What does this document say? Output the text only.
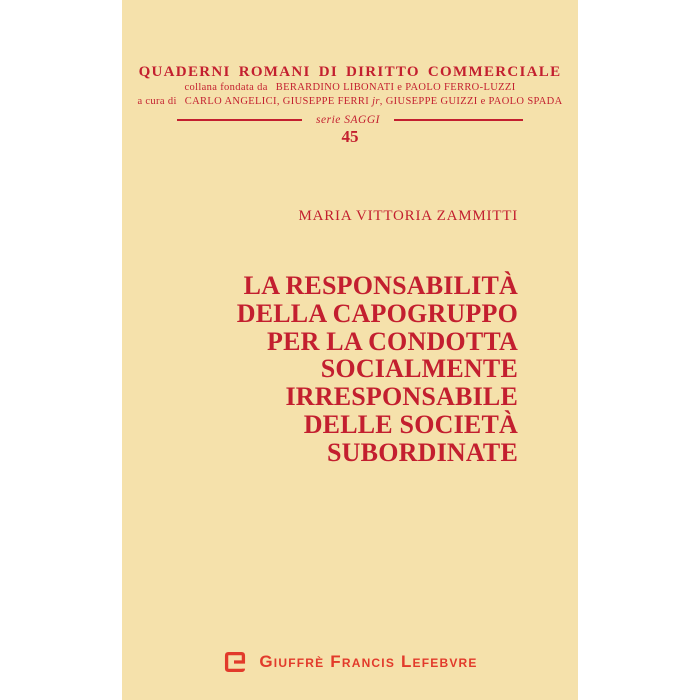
QUADERNI ROMANI DI DIRITTO COMMERCIALE
collana fondata da BERARDINO LIBONATI e PAOLO FERRO-LUZZI
a cura di CARLO ANGELICI, GIUSEPPE FERRI jr, GIUSEPPE GUIZZI e PAOLO SPADA
serie SAGGI
45
MARIA VITTORIA ZAMMITTI
LA RESPONSABILITÀ
DELLA CAPOGRUPPO
PER LA CONDOTTA
SOCIALMENTE IRRESPONSABILE
DELLE SOCIETÀ SUBORDINATE
Giuffrè Francis Lefebvre
